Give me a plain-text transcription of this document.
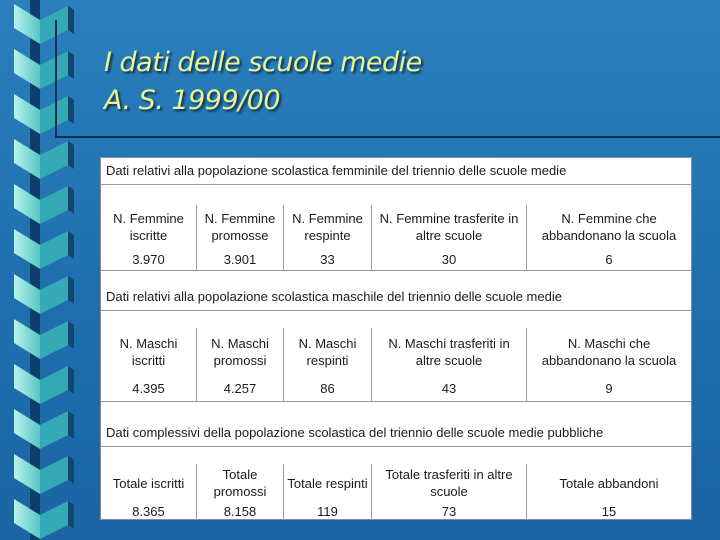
I dati delle scuole medie
A. S. 1999/00
Dati relativi alla popolazione scolastica femminile del triennio delle scuole medie
N. Femmine iscritte
3.970
N. Femmine promosse
3.901
N. Femmine respinte
33
N. Femmine trasferite in altre scuole
30
N. Femmine che abbandonano la scuola
6
Dati relativi alla popolazione scolastica maschile del triennio delle scuole medie
N. Maschi iscritti
4.395
N. Maschi promossi
4.257
N. Maschi respinti
86
N. Maschi trasferiti in altre scuole
43
N. Maschi che abbandonano la scuola
9
Dati complessivi della popolazione scolastica del triennio delle scuole medie pubbliche
Totale iscritti
8.365
Totale promossi
8.158
Totale respinti
119
Totale trasferiti in altre scuole
73
Totale abbandoni
15
